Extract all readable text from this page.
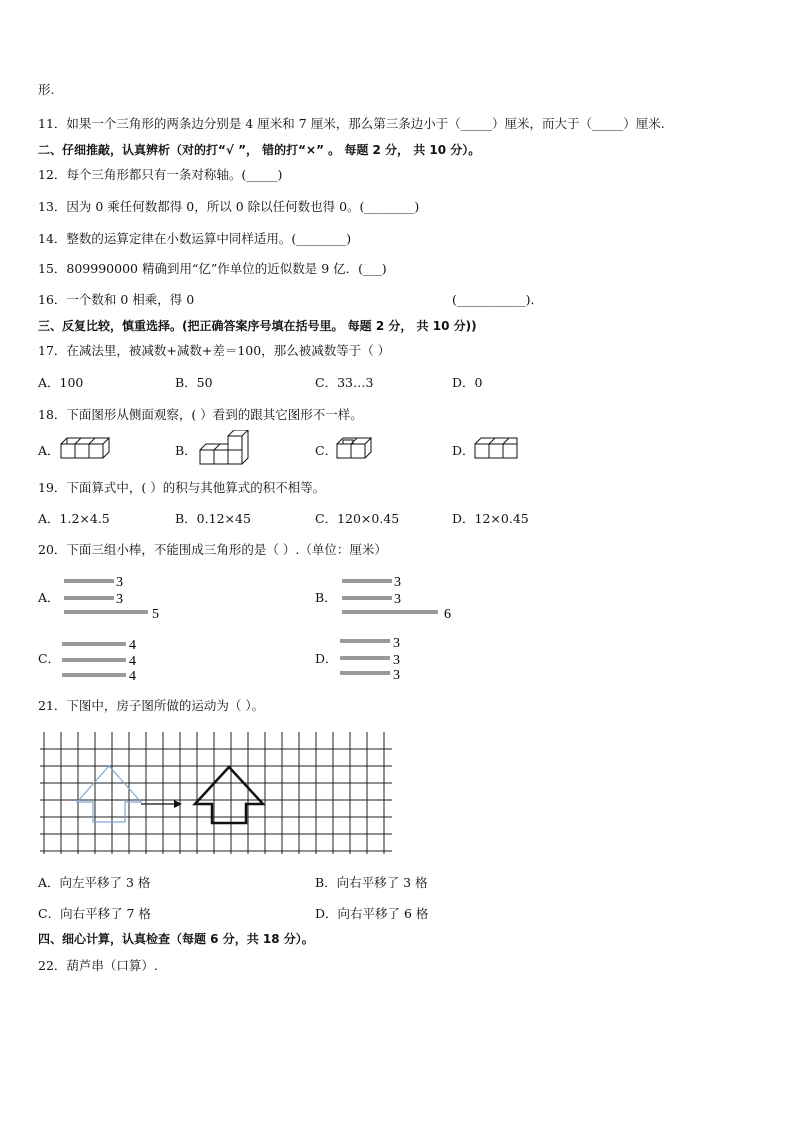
形.
11．如果一个三角形的两条边分别是 4 厘米和 7 厘米，那么第三条边小于（_____）厘米，而大于（_____）厘米.
二、仔细推敲，认真辨析（对的打“√ ”， 错的打“×” 。 每题 2 分， 共 10 分）。
12．每个三角形都只有一条对称轴。(_____)
13．因为 0 乘任何数都得 0，所以 0 除以任何数也得 0。(________)
14．整数的运算定律在小数运算中同样适用。(________)
15．809990000 精确到用“亿”作单位的近似数是 9 亿．(___)
16．一个数和 0 相乘，得 0	(___________)．
三、反复比较，慎重选择。(把正确答案序号填在括号里。 每题 2 分， 共 10 分))
17．在减法里，被减数+减数+差＝100，那么被减数等于（ ）
A．100	B．50	C．33…3	D．0
18．下面图形从侧面观察，( ）看到的跟其它图形不一样。
A．	B．	C．	D．
19．下面算式中，( ）的积与其他算式的积不相等。
A．1.2×4.5	B．0.12×45	C．120×0.45	D．12×0.45
20．下面三组小棒，不能围成三角形的是（ ）.（单位：厘米）
A．
3
3
5
B．
3
3
6
C．
4
4
4
D．
3
3
3
21．下图中，房子图所做的运动为（ ）。
A．向左平移了 3 格	B．向右平移了 3 格
C．向右平移了 7 格	D．向右平移了 6 格
四、细心计算，认真检查（每题 6 分，共 18 分）。
22．葫芦串（口算）.
